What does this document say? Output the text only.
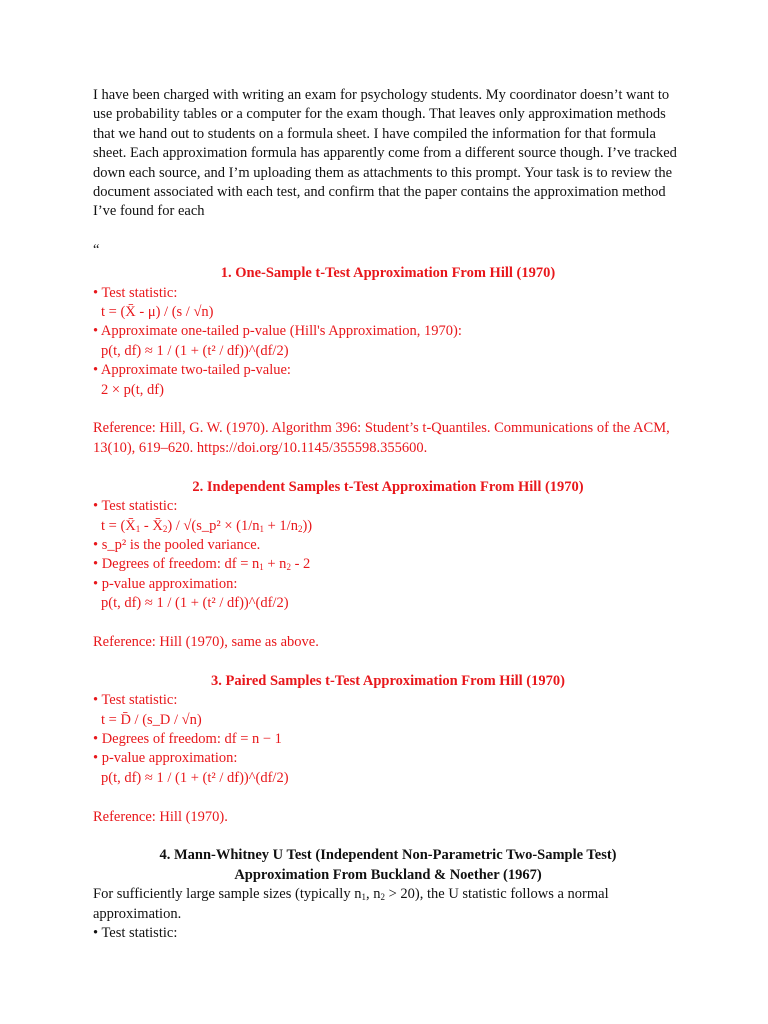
I have been charged with writing an exam for psychology students. My coordinator doesn’t want to use probability tables or a computer for the exam though. That leaves only approximation methods that we hand out to students on a formula sheet. I have compiled the information for that formula sheet. Each approximation formula has apparently come from a different source though. I’ve tracked down each source, and I’m uploading them as attachments to this prompt. Your task is to review the document associated with each test, and confirm that the paper contains the approximation method I’ve found for each

“

1. One-Sample t-Test Approximation From Hill (1970)

• Test statistic:

t = (X̄ - μ) / (s / √n)

• Approximate one-tailed p-value (Hill's Approximation, 1970):

p(t, df) ≈ 1 / (1 + (t² / df))^(df/2)

• Approximate two-tailed p-value:

2 × p(t, df)

Reference: Hill, G. W. (1970). Algorithm 396: Student’s t-Quantiles. Communications of the ACM, 13(10), 619–620. https://doi.org/10.1145/355598.355600.

2. Independent Samples t-Test Approximation From Hill (1970)

• Test statistic:

$t = (X̄_1$ - $X̄_2$) / √(s_p² × $(1/n_1 + 1/n_2)$)

• s_p² is the pooled variance.

• Degrees of freedom: df = $n_1 + n_2 - 2$

• p-value approximation:

p(t, df) ≈ 1 / (1 + (t² / df))^(df/2)

Reference: Hill (1970), same as above.

3. Paired Samples t-Test Approximation From Hill (1970)

• Test statistic:

t = D̄ / (s_D / √n)

• Degrees of freedom: df = n − 1

• p-value approximation:

p(t, df) ≈ 1 / (1 + (t² / df))^(df/2)

Reference: Hill (1970).

4. Mann-Whitney U Test (Independent Non-Parametric Two-Sample Test)

Approximation From Buckland & Noether (1967)

For sufficiently large sample sizes (typically $n_1$, $n_2 > 20$), the U statistic follows a normal approximation.

• Test statistic:
